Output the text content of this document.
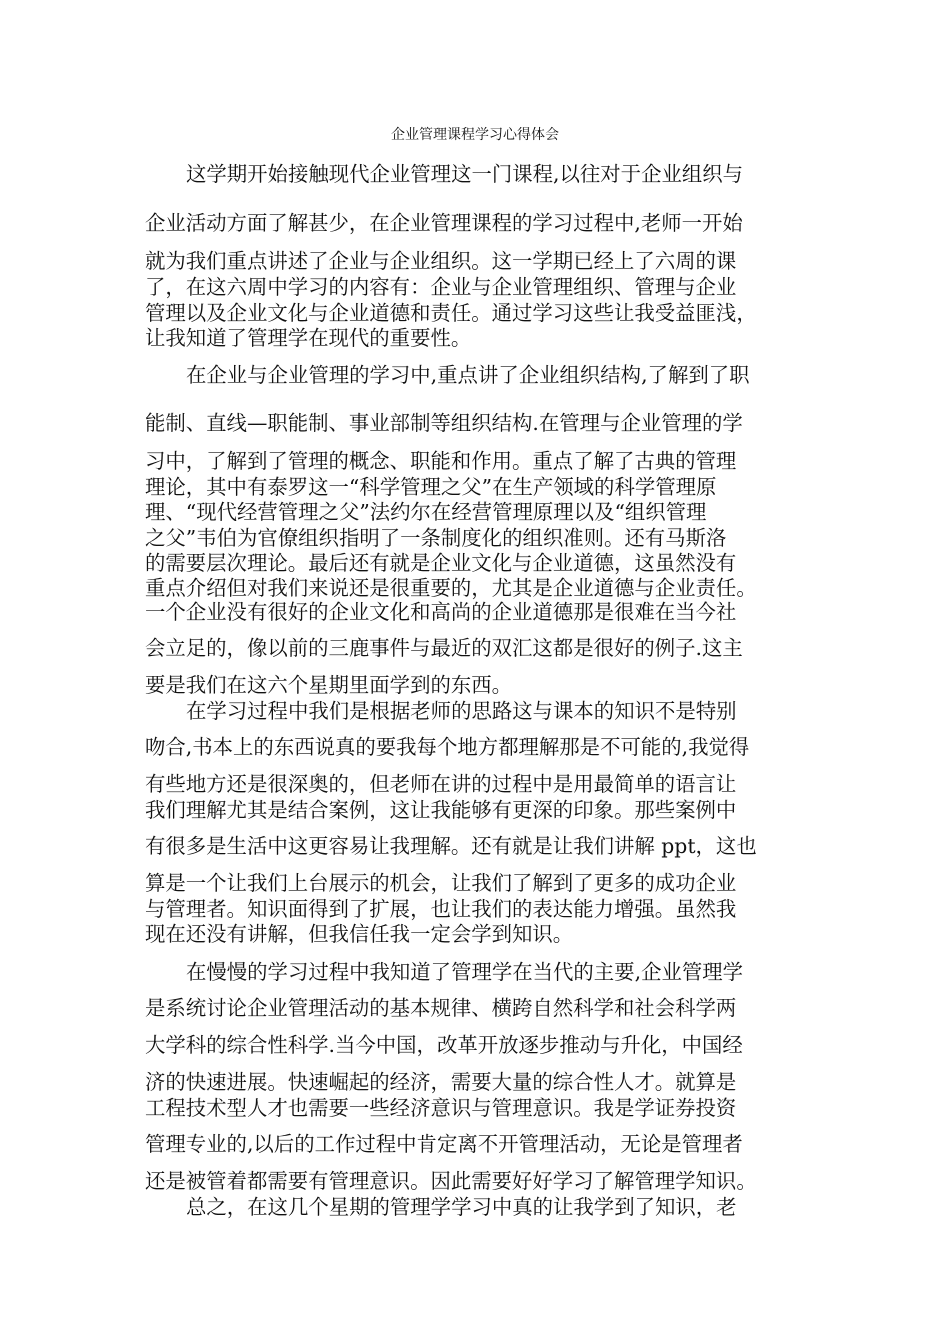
企业管理课程学习心得体会
这学期开始接触现代企业管理这一门课程,以往对于企业组织与
企业活动方面了解甚少，在企业管理课程的学习过程中,老师一开始
就为我们重点讲述了企业与企业组织。这一学期已经上了六周的课
了，在这六周中学习的内容有：企业与企业管理组织、管理与企业
管理以及企业文化与企业道德和责任。通过学习这些让我受益匪浅，
让我知道了管理学在现代的重要性。
在企业与企业管理的学习中,重点讲了企业组织结构,了解到了职
能制、直线—职能制、事业部制等组织结构.在管理与企业管理的学
习中，了解到了管理的概念、职能和作用。重点了解了古典的管理
理论，其中有泰罗这一“科学管理之父”在生产领域的科学管理原
理、“现代经营管理之父”法约尔在经营管理原理以及“组织管理
之父”韦伯为官僚组织指明了一条制度化的组织准则。还有马斯洛
的需要层次理论。最后还有就是企业文化与企业道德，这虽然没有
重点介绍但对我们来说还是很重要的，尤其是企业道德与企业责任。
一个企业没有很好的企业文化和高尚的企业道德那是很难在当今社
会立足的，像以前的三鹿事件与最近的双汇这都是很好的例子.这主
要是我们在这六个星期里面学到的东西。
在学习过程中我们是根据老师的思路这与课本的知识不是特别
吻合,书本上的东西说真的要我每个地方都理解那是不可能的,我觉得
有些地方还是很深奥的，但老师在讲的过程中是用最简单的语言让
我们理解尤其是结合案例，这让我能够有更深的印象。那些案例中
有很多是生活中这更容易让我理解。还有就是让我们讲解 ppt，这也
算是一个让我们上台展示的机会，让我们了解到了更多的成功企业
与管理者。知识面得到了扩展，也让我们的表达能力增强。虽然我
现在还没有讲解，但我信任我一定会学到知识。
在慢慢的学习过程中我知道了管理学在当代的主要,企业管理学
是系统讨论企业管理活动的基本规律、横跨自然科学和社会科学两
大学科的综合性科学.当今中国，改革开放逐步推动与升化，中国经
济的快速进展。快速崛起的经济，需要大量的综合性人才。就算是
工程技术型人才也需要一些经济意识与管理意识。我是学证券投资
管理专业的,以后的工作过程中肯定离不开管理活动，无论是管理者
还是被管着都需要有管理意识。因此需要好好学习了解管理学知识。
总之，在这几个星期的管理学学习中真的让我学到了知识，老
